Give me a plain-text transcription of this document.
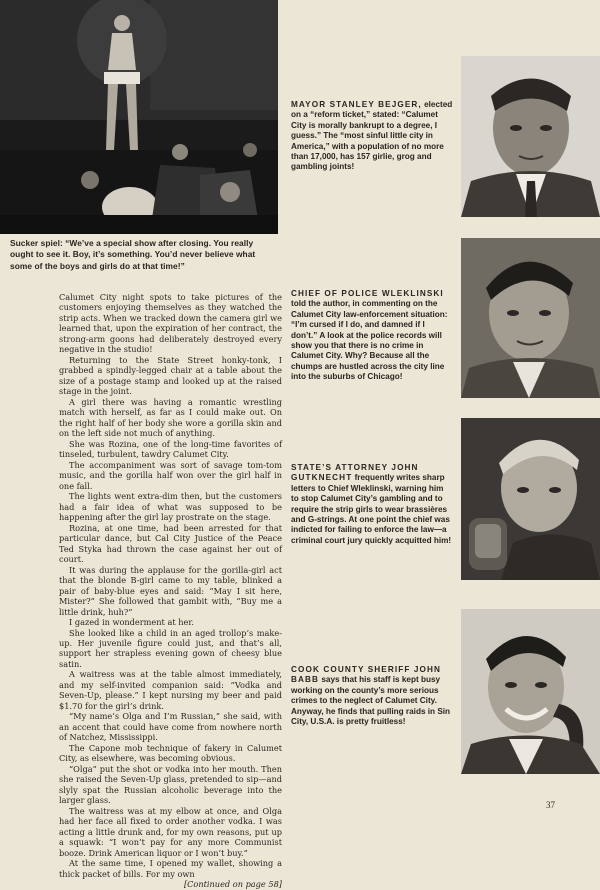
Sucker spiel: “We’ve a special show after closing. You really ought to see it. Boy, it’s something. You’d never believe what some of the boys and girls do at that time!”

Calumet City night spots to take pictures of the customers enjoying themselves as they watched the strip acts. When we tracked down the camera girl we learned that, upon the expiration of her contract, the strong-arm goons had deliberately destroyed every negative in the studio!

Returning to the State Street honky-tonk, I grabbed a spindly-legged chair at a table about the size of a postage stamp and looked up at the raised stage in the joint.

A girl there was having a romantic wrestling match with herself, as far as I could make out. On the right half of her body she wore a gorilla skin and on the left side not much of anything.

She was Rozina, one of the long-time favorites of tinseled, turbulent, tawdry Calumet City.

The accompaniment was sort of savage tom-tom music, and the gorilla half won over the girl half in one fall.

The lights went extra-dim then, but the customers had a fair idea of what was supposed to be happening after the girl lay prostrate on the stage.

Rozina, at one time, had been arrested for that particular dance, but Cal City Justice of the Peace Ted Styka had thrown the case against her out of court.

It was during the applause for the gorilla-girl act that the blonde B-girl came to my table, blinked a pair of baby-blue eyes and said: “May I sit here, Mister?” She followed that gambit with, “Buy me a little drink, huh?”

I gazed in wonderment at her.

She looked like a child in an aged trollop’s make-up. Her juvenile figure could just, and that’s all, support her strapless evening gown of cheesy blue satin.

A waitress was at the table almost immediately, and my self-invited companion said: “Vodka and Seven-Up, please.” I kept nursing my beer and paid $1.70 for the girl’s drink.

“My name’s Olga and I’m Russian,” she said, with an accent that could have come from nowhere north of Natchez, Mississippi.

The Capone mob technique of fakery in Calumet City, as elsewhere, was becoming obvious.

“Olga” put the shot or vodka into her mouth. Then she raised the Seven-Up glass, pretended to sip—and slyly spat the Russian alcoholic beverage into the larger glass.

The waitress was at my elbow at once, and Olga had her face all fixed to order another vodka. I was acting a little drunk and, for my own reasons, put up a squawk: “I won’t pay for any more Communist booze. Drink American liquor or I won’t buy.”

At the same time, I opened my wallet, showing a thick packet of bills. For my own
[Continued on page 58]

MAYOR STANLEY BEJGER, elected on a “reform ticket,” stated: “Calumet City is morally bankrupt to a degree, I guess.” The “most sinful little city in America,” with a population of no more than 17,000, has 157 girlie, grog and gambling joints!
CHIEF OF POLICE WLEKLINSKI told the author, in commenting on the Calumet City law-enforcement situation: “I’m cursed if I do, and damned if I don’t.” A look at the police records will show you that there is no crime in Calumet City. Why? Because all the chumps are hustled across the city line into the suburbs of Chicago!
STATE’S ATTORNEY JOHN GUTKNECHT frequently writes sharp letters to Chief Wleklinski, warning him to stop Calumet City’s gambling and to require the strip girls to wear brassières and G-strings. At one point the chief was indicted for failing to enforce the law—a criminal court jury quickly acquitted him!
COOK COUNTY SHERIFF JOHN BABB says that his staff is kept busy working on the county’s more serious crimes to the neglect of Calumet City. Anyway, he finds that pulling raids in Sin City, U.S.A. is pretty fruitless!
37
